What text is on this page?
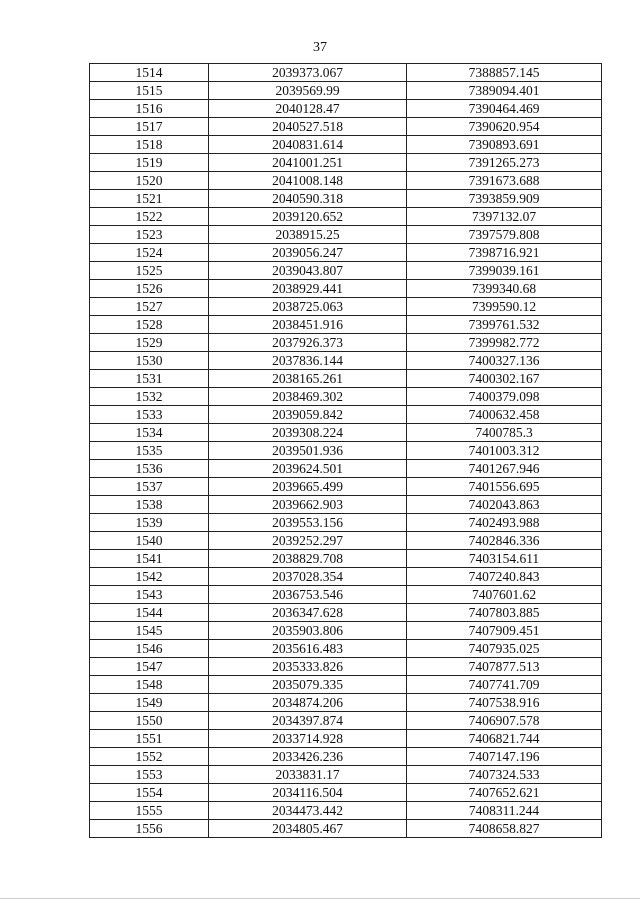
37
1514	2039373.067	7388857.145
1515	2039569.99	7389094.401
1516	2040128.47	7390464.469
1517	2040527.518	7390620.954
1518	2040831.614	7390893.691
1519	2041001.251	7391265.273
1520	2041008.148	7391673.688
1521	2040590.318	7393859.909
1522	2039120.652	7397132.07
1523	2038915.25	7397579.808
1524	2039056.247	7398716.921
1525	2039043.807	7399039.161
1526	2038929.441	7399340.68
1527	2038725.063	7399590.12
1528	2038451.916	7399761.532
1529	2037926.373	7399982.772
1530	2037836.144	7400327.136
1531	2038165.261	7400302.167
1532	2038469.302	7400379.098
1533	2039059.842	7400632.458
1534	2039308.224	7400785.3
1535	2039501.936	7401003.312
1536	2039624.501	7401267.946
1537	2039665.499	7401556.695
1538	2039662.903	7402043.863
1539	2039553.156	7402493.988
1540	2039252.297	7402846.336
1541	2038829.708	7403154.611
1542	2037028.354	7407240.843
1543	2036753.546	7407601.62
1544	2036347.628	7407803.885
1545	2035903.806	7407909.451
1546	2035616.483	7407935.025
1547	2035333.826	7407877.513
1548	2035079.335	7407741.709
1549	2034874.206	7407538.916
1550	2034397.874	7406907.578
1551	2033714.928	7406821.744
1552	2033426.236	7407147.196
1553	2033831.17	7407324.533
1554	2034116.504	7407652.621
1555	2034473.442	7408311.244
1556	2034805.467	7408658.827
